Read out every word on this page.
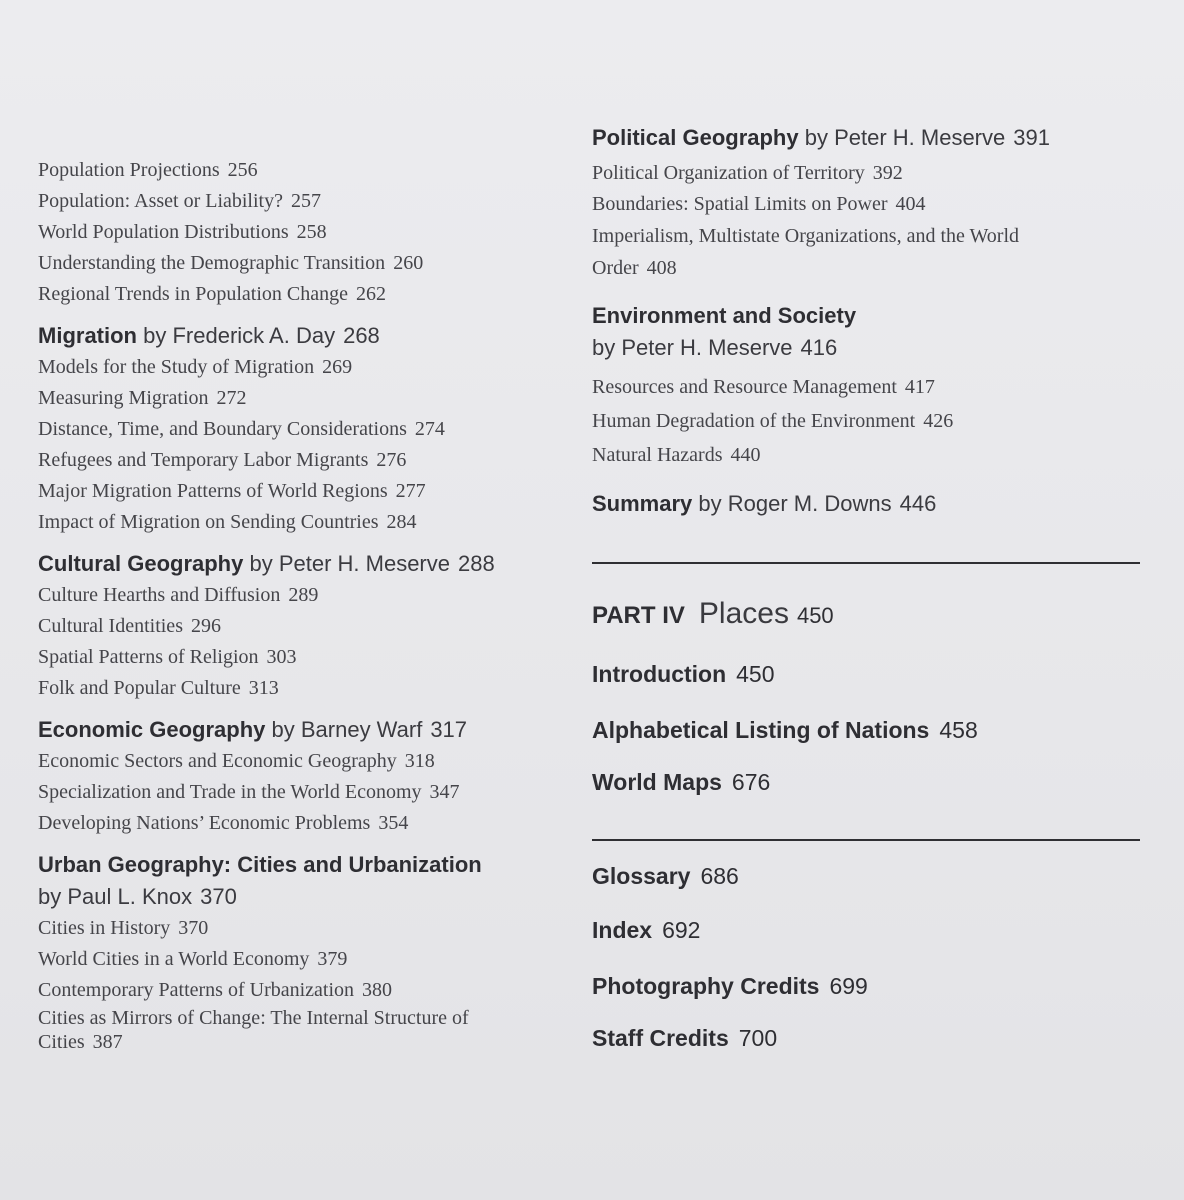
Population Projections 256
Population: Asset or Liability? 257
World Population Distributions 258
Understanding the Demographic Transition 260
Regional Trends in Population Change 262
Migration by Frederick A. Day 268
Models for the Study of Migration 269
Measuring Migration 272
Distance, Time, and Boundary Considerations 274
Refugees and Temporary Labor Migrants 276
Major Migration Patterns of World Regions 277
Impact of Migration on Sending Countries 284
Cultural Geography by Peter H. Meserve 288
Culture Hearths and Diffusion 289
Cultural Identities 296
Spatial Patterns of Religion 303
Folk and Popular Culture 313
Economic Geography by Barney Warf 317
Economic Sectors and Economic Geography 318
Specialization and Trade in the World Economy 347
Developing Nations’ Economic Problems 354
Urban Geography: Cities and Urbanization
by Paul L. Knox 370
Cities in History 370
World Cities in a World Economy 379
Contemporary Patterns of Urbanization 380
Cities as Mirrors of Change: The Internal Structure of Cities 387
Political Geography by Peter H. Meserve 391
Political Organization of Territory 392
Boundaries: Spatial Limits on Power 404
Imperialism, Multistate Organizations, and the World Order 408
Environment and Society
by Peter H. Meserve 416
Resources and Resource Management 417
Human Degradation of the Environment 426
Natural Hazards 440
Summary by Roger M. Downs 446
PART IV Places 450
Introduction 450
Alphabetical Listing of Nations 458
World Maps 676
Glossary 686
Index 692
Photography Credits 699
Staff Credits 700
